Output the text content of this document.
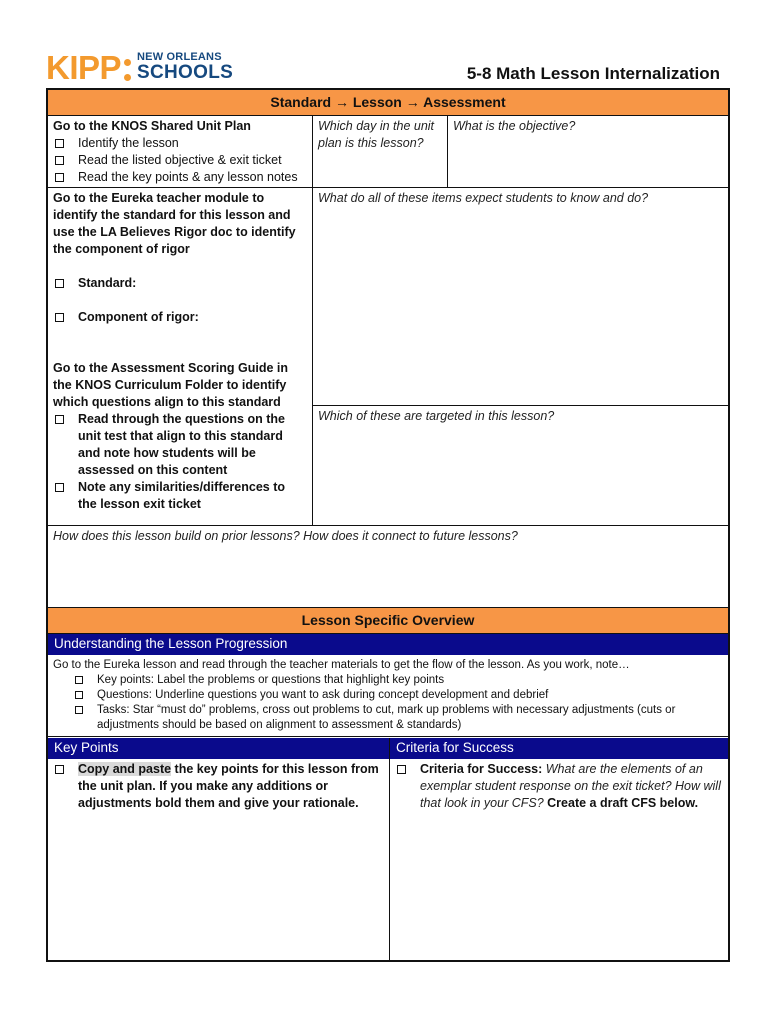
KIPP NEW ORLEANS
SCHOOLS	5-8 Math Lesson Internalization
Standard → Lesson → Assessment
Go to the KNOS Shared Unit Plan
Identify the lesson
Read the listed objective & exit ticket
Read the key points & any lesson notes
Which day in the unit plan is this lesson?
What is the objective?
Go to the Eureka teacher module to identify the standard for this lesson and use the LA Believes Rigor doc to identify the component of rigor
Standard:
Component of rigor:
Go to the Assessment Scoring Guide in the KNOS Curriculum Folder to identify which questions align to this standard
Read through the questions on the unit test that align to this standard and note how students will be assessed on this content
Note any similarities/differences to the lesson exit ticket
What do all of these items expect students to know and do?
Which of these are targeted in this lesson?
How does this lesson build on prior lessons? How does it connect to future lessons?
Lesson Specific Overview
Understanding the Lesson Progression
Go to the Eureka lesson and read through the teacher materials to get the flow of the lesson. As you work, note…
Key points: Label the problems or questions that highlight key points
Questions: Underline questions you want to ask during concept development and debrief
Tasks: Star “must do” problems, cross out problems to cut, mark up problems with necessary adjustments (cuts or adjustments should be based on alignment to assessment & standards)
Key Points	Criteria for Success
Copy and paste the key points for this lesson from the unit plan. If you make any additions or adjustments bold them and give your rationale.
Criteria for Success: What are the elements of an exemplar student response on the exit ticket? How will that look in your CFS? Create a draft CFS below.
